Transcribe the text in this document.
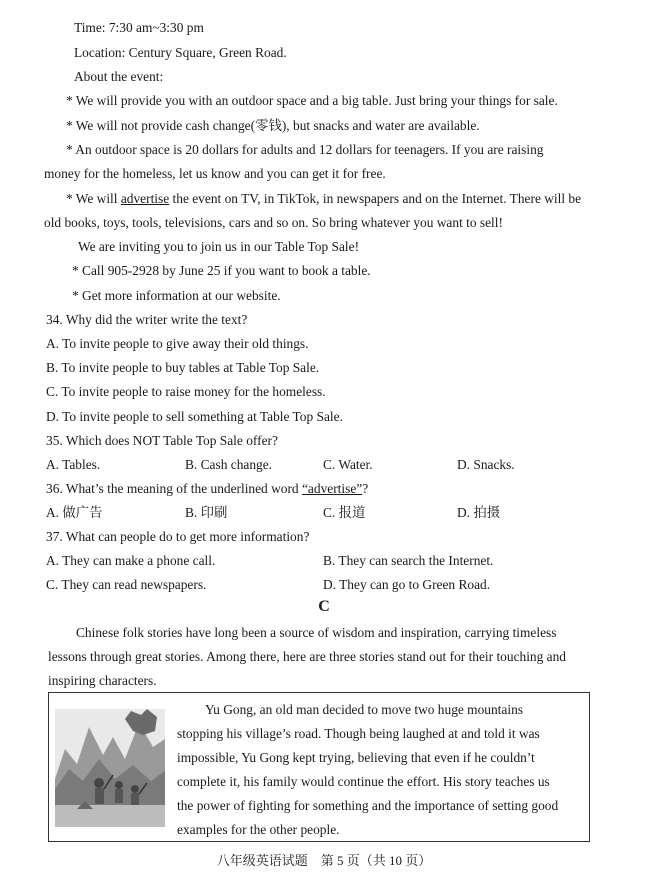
Time: 7:30 am~3:30 pm
Location: Century Square, Green Road.
About the event:
* We will provide you with an outdoor space and a big table. Just bring your things for sale.
* We will not provide cash change(零钱), but snacks and water are available.
* An outdoor space is 20 dollars for adults and 12 dollars for teenagers. If you are raising
money for the homeless, let us know and you can get it for free.
* We will advertise the event on TV, in TikTok, in newspapers and on the Internet. There will be
old books, toys, tools, televisions, cars and so on. So bring whatever you want to sell!
We are inviting you to join us in our Table Top Sale!
* Call 905-2928 by June 25 if you want to book a table.
* Get more information at our website.
34. Why did the writer write the text?
A. To invite people to give away their old things.
B. To invite people to buy tables at Table Top Sale.
C. To invite people to raise money for the homeless.
D. To invite people to sell something at Table Top Sale.
35. Which does NOT Table Top Sale offer?
A. Tables.	B. Cash change.	C. Water.	D. Snacks.
36. What’s the meaning of the underlined word “advertise”?
A. 做广告	B. 印刷	C. 报道	D. 拍摄
37. What can people do to get more information?
A. They can make a phone call.	B. They can search the Internet.
C. They can read newspapers.	D. They can go to Green Road.
C
Chinese folk stories have long been a source of wisdom and inspiration, carrying timeless
lessons through great stories. Among there, here are three stories stand out for their touching and
inspiring characters.
Yu Gong, an old man decided to move two huge mountains
stopping his village’s road. Though being laughed at and told it was
impossible, Yu Gong kept trying, believing that even if he couldn’t
complete it, his family would continue the effort. His story teaches us
the power of fighting for something and the importance of setting good
examples for the other people.
八年级英语试题　第 5 页（共 10 页）
